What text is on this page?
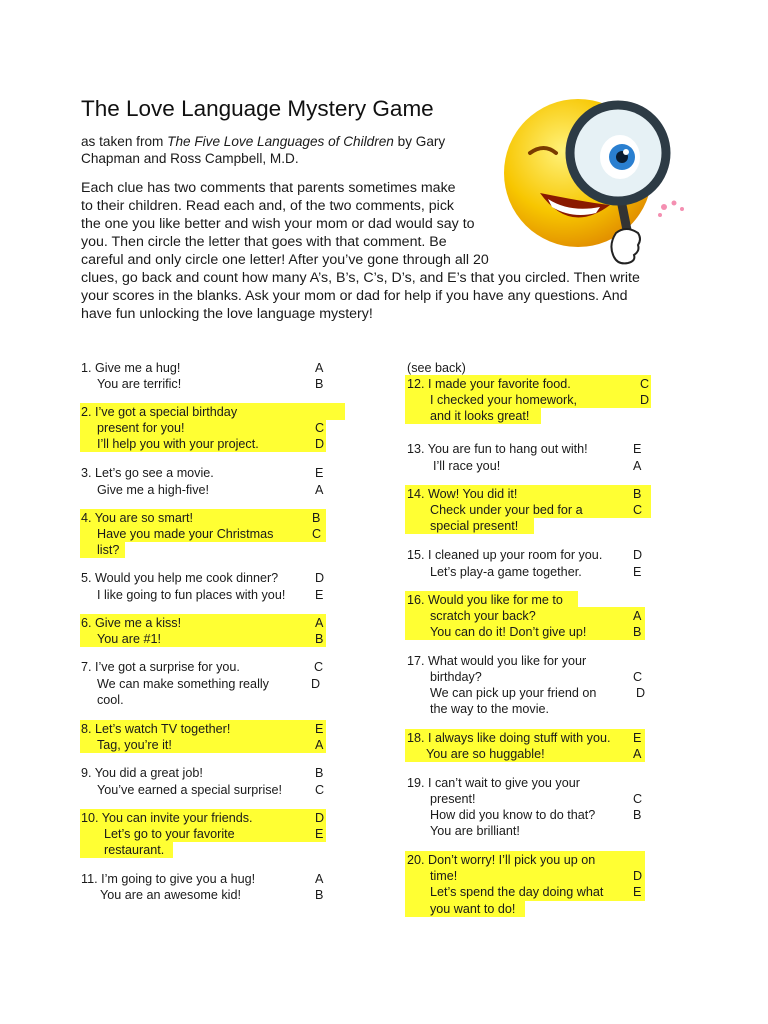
The Love Language Mystery Game
as taken from The Five Love Languages of Children by Gary
Chapman and Ross Campbell, M.D.
Each clue has two comments that parents sometimes make
to their children. Read each and, of the two comments, pick
the one you like better and wish your mom or dad would say to
you. Then circle the letter that goes with that comment. Be
careful and only circle one letter! After you’ve gone through all 20
clues, go back and count how many A’s, B’s, C’s, D’s, and E’s that you circled. Then write
your scores in the blanks. Ask your mom or dad for help if you have any questions. And
have fun unlocking the love language mystery!
1. Give me a hug!	A
You are terrific!	B
2. I’ve got a special birthday
present for you!	C
I’ll help you with your project.	D
3. Let’s go see a movie.	E
Give me a high-five!	A
4. You are so smart!	B
Have you made your Christmas	C
list?
5. Would you help me cook dinner?	D
I like going to fun places with you! E
6. Give me a kiss!	A
You are #1!	B
7. I’ve got a surprise for you.	C
We can make something really	D
cool.
8. Let’s watch TV together!	E
Tag, you’re it!	A
9. You did a great job!	B
You’ve earned a special surprise!	C
10. You can invite your friends.	D
Let’s go to your favorite	E
restaurant.
11. I’m going to give you a hug!	A
You are an awesome kid!	B
(see back)
12. I made your favorite food.	C
I checked your homework,	D
and it looks great!
13. You are fun to hang out with!	E
I’ll race you!	A
14. Wow! You did it!	B
Check under your bed for a	C
special present!
15. I cleaned up your room for you. D
Let’s play-a game together.	E
16. Would you like for me to
scratch your back?	A
You can do it! Don’t give up!	B
17. What would you like for your
birthday?	C
We can pick up your friend on	D
the way to the movie.
18. I always like doing stuff with you. E
You are so huggable!	A
19. I can’t wait to give you your
present!	C
How did you know to do that?	B
You are brilliant!
20. Don’t worry! I’ll pick you up on
time!	D
Let’s spend the day doing what E
you want to do!
